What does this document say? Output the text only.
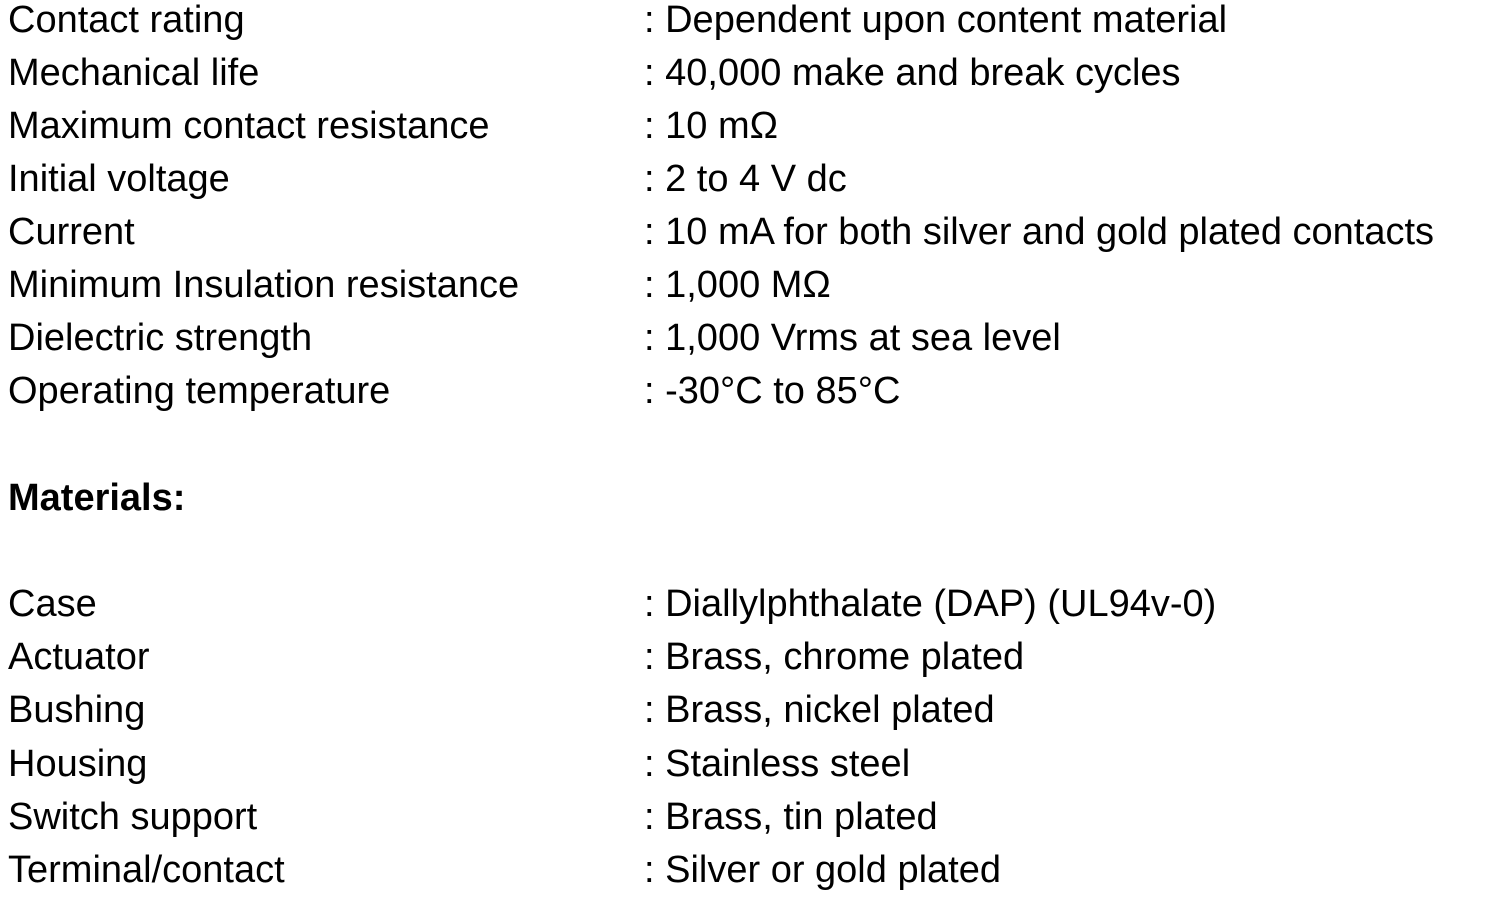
Contact rating	: Dependent upon content material
Mechanical life	: 40,000 make and break cycles
Maximum contact resistance	: 10 mΩ
Initial voltage	: 2 to 4 V dc
Current	: 10 mA for both silver and gold plated contacts
Minimum Insulation resistance	: 1,000 MΩ
Dielectric strength	: 1,000 Vrms at sea level
Operating temperature	: -30°C to 85°C
Materials:
Case	: Diallylphthalate (DAP) (UL94v-0)
Actuator	: Brass, chrome plated
Bushing	: Brass, nickel plated
Housing	: Stainless steel
Switch support	: Brass, tin plated
Terminal/contact	: Silver or gold plated
